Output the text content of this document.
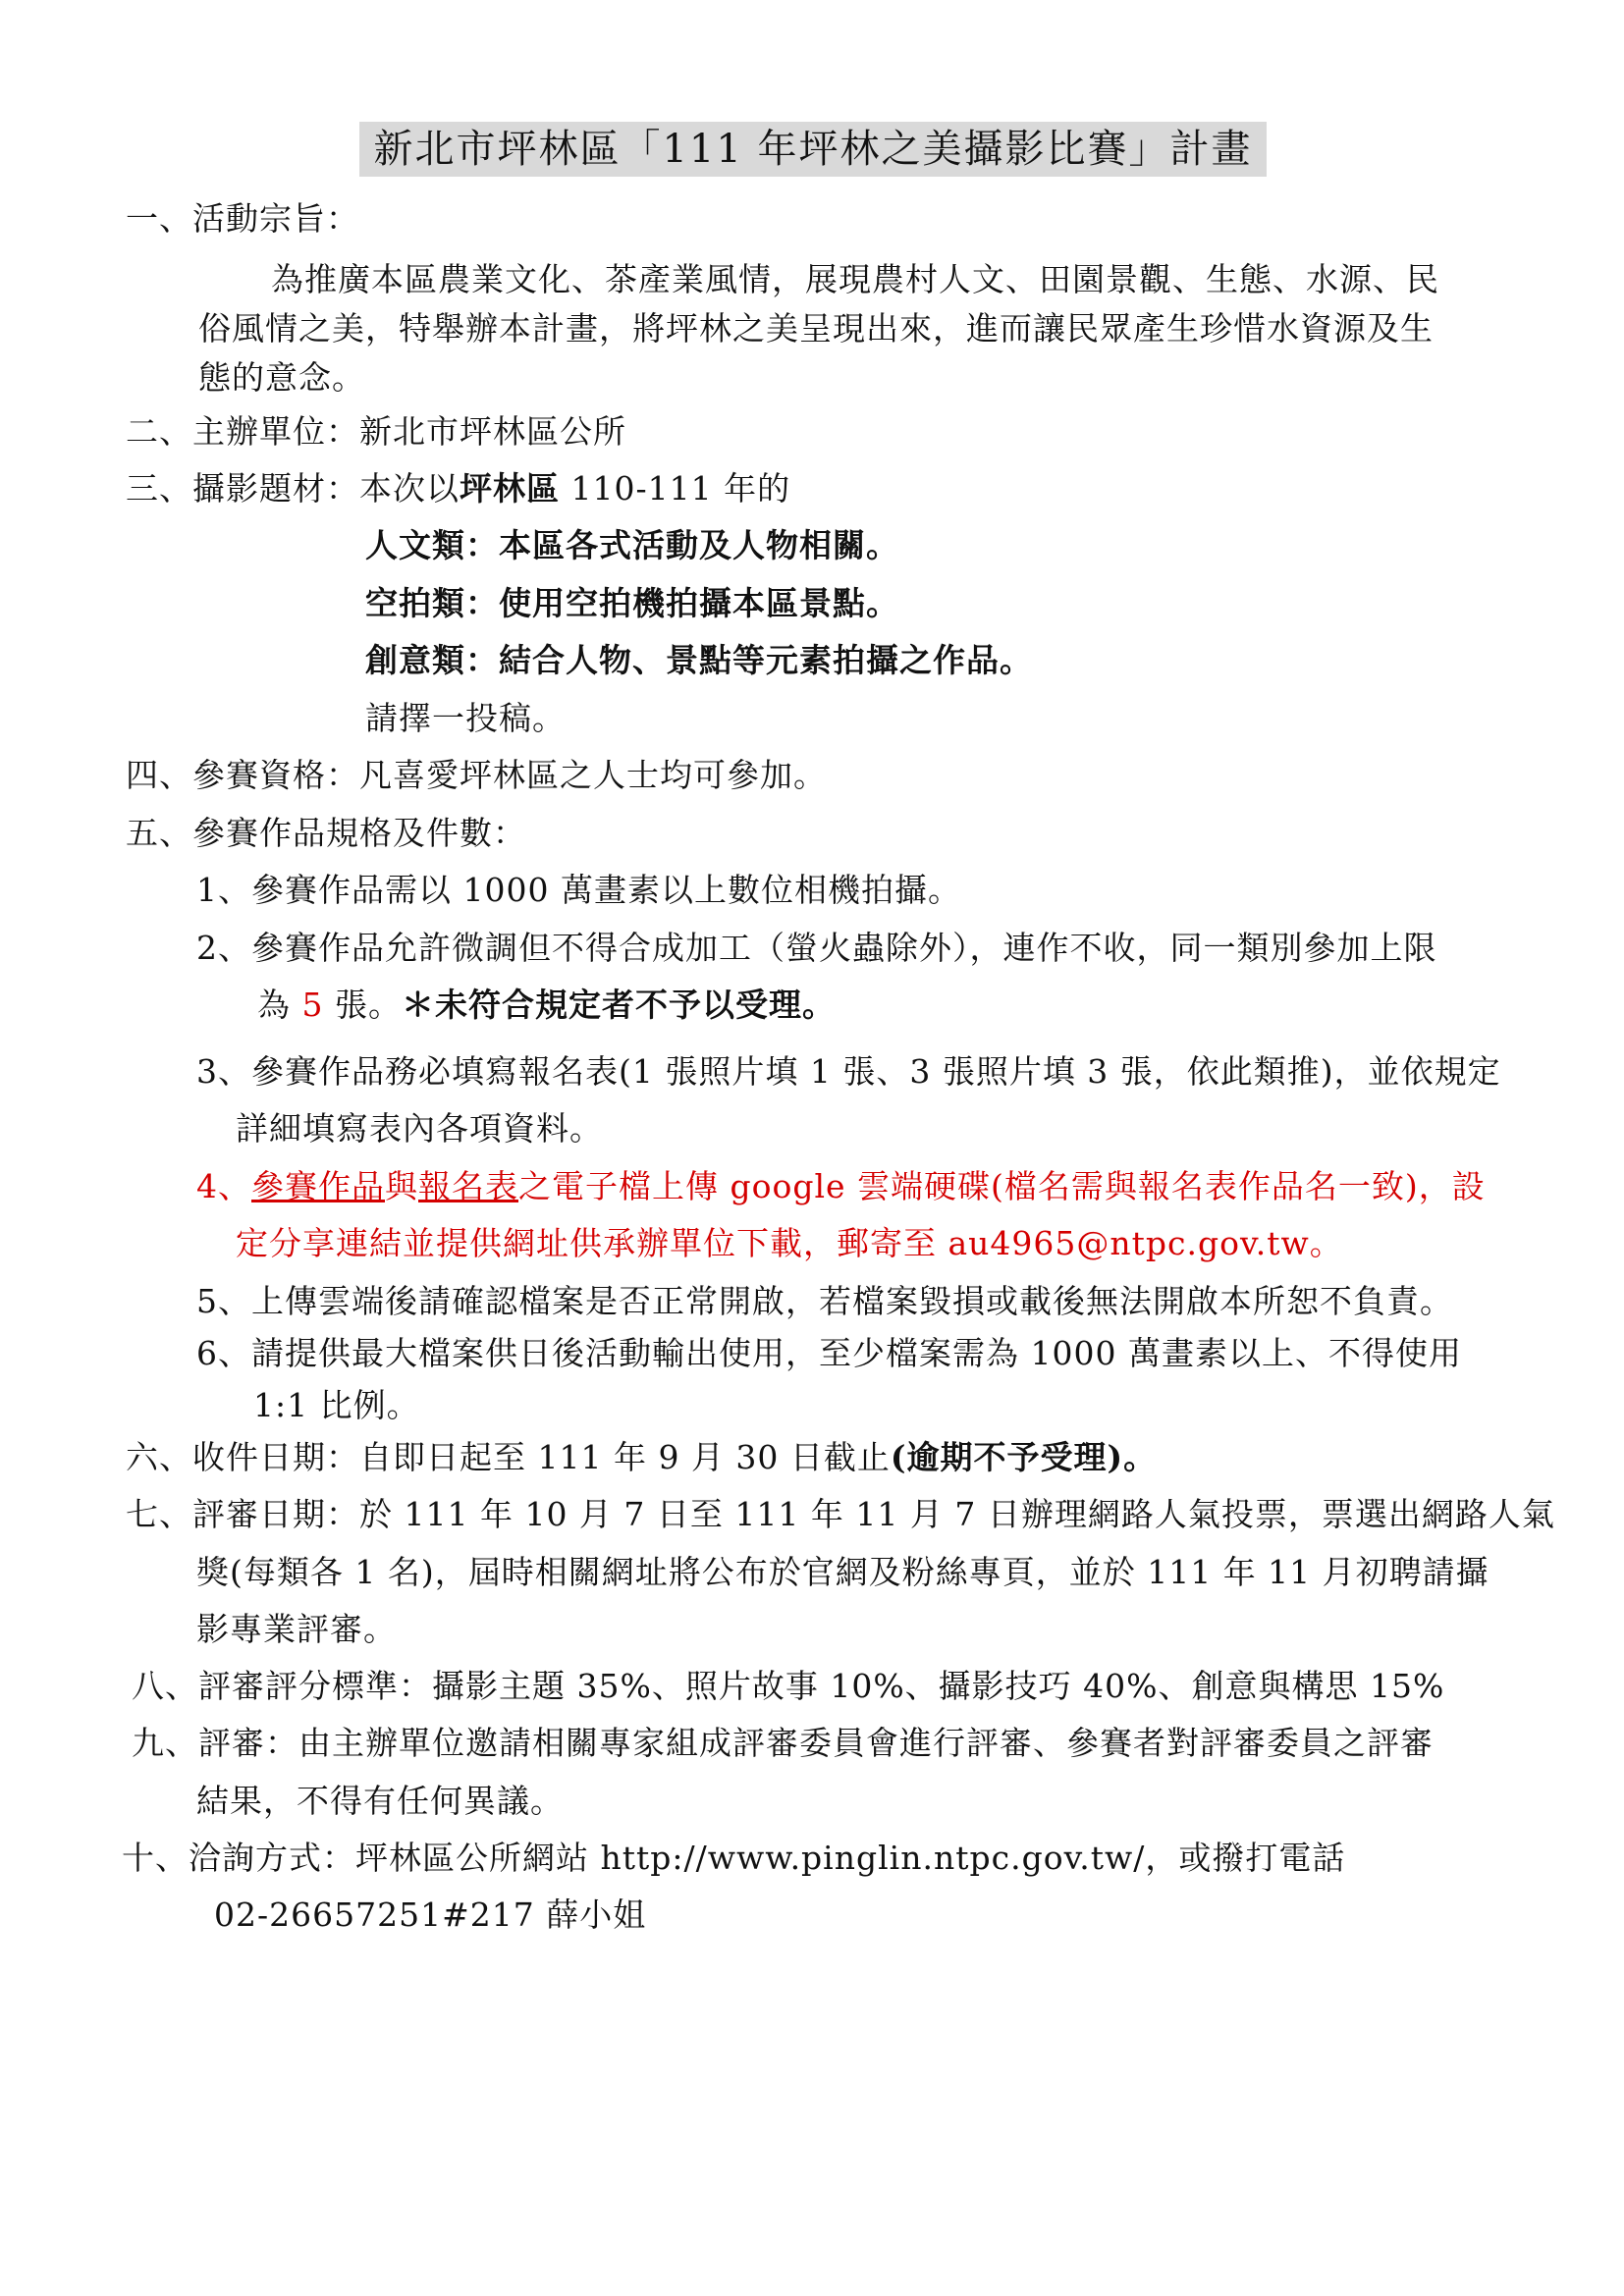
新北市坪林區「111 年坪林之美攝影比賽」計畫
一、活動宗旨：
為推廣本區農業文化、茶產業風情，展現農村人文、田園景觀、生態、水源、民
俗風情之美，特舉辦本計畫，將坪林之美呈現出來，進而讓民眾產生珍惜水資源及生
態的意念。
二、主辦單位：新北市坪林區公所
三、攝影題材：本次以坪林區 110-111 年的
人文類：本區各式活動及人物相關。
空拍類：使用空拍機拍攝本區景點。
創意類：結合人物、景點等元素拍攝之作品。
請擇一投稿。
四、參賽資格：凡喜愛坪林區之人士均可參加。
五、參賽作品規格及件數：
1、參賽作品需以 1000 萬畫素以上數位相機拍攝。
2、參賽作品允許微調但不得合成加工（螢火蟲除外），連作不收，同一類別參加上限
為 5 張。＊未符合規定者不予以受理。
3、參賽作品務必填寫報名表(1 張照片填 1 張、3 張照片填 3 張，依此類推)，並依規定
詳細填寫表內各項資料。
4、參賽作品與報名表之電子檔上傳 google 雲端硬碟(檔名需與報名表作品名一致)，設
定分享連結並提供網址供承辦單位下載，郵寄至 au4965@ntpc.gov.tw。
5、上傳雲端後請確認檔案是否正常開啟，若檔案毀損或載後無法開啟本所恕不負責。
6、請提供最大檔案供日後活動輸出使用，至少檔案需為 1000 萬畫素以上、不得使用
1:1 比例。
六、收件日期：自即日起至 111 年 9 月 30 日截止(逾期不予受理)。
七、評審日期：於 111 年 10 月 7 日至 111 年 11 月 7 日辦理網路人氣投票，票選出網路人氣
獎(每類各 1 名)，屆時相關網址將公布於官網及粉絲專頁，並於 111 年 11 月初聘請攝
影專業評審。
八、評審評分標準：攝影主題 35%、照片故事 10%、攝影技巧 40%、創意與構思 15%
九、評審：由主辦單位邀請相關專家組成評審委員會進行評審、參賽者對評審委員之評審
結果，不得有任何異議。
十、洽詢方式：坪林區公所網站 http://www.pinglin.ntpc.gov.tw/，或撥打電話
02-26657251#217 薛小姐
